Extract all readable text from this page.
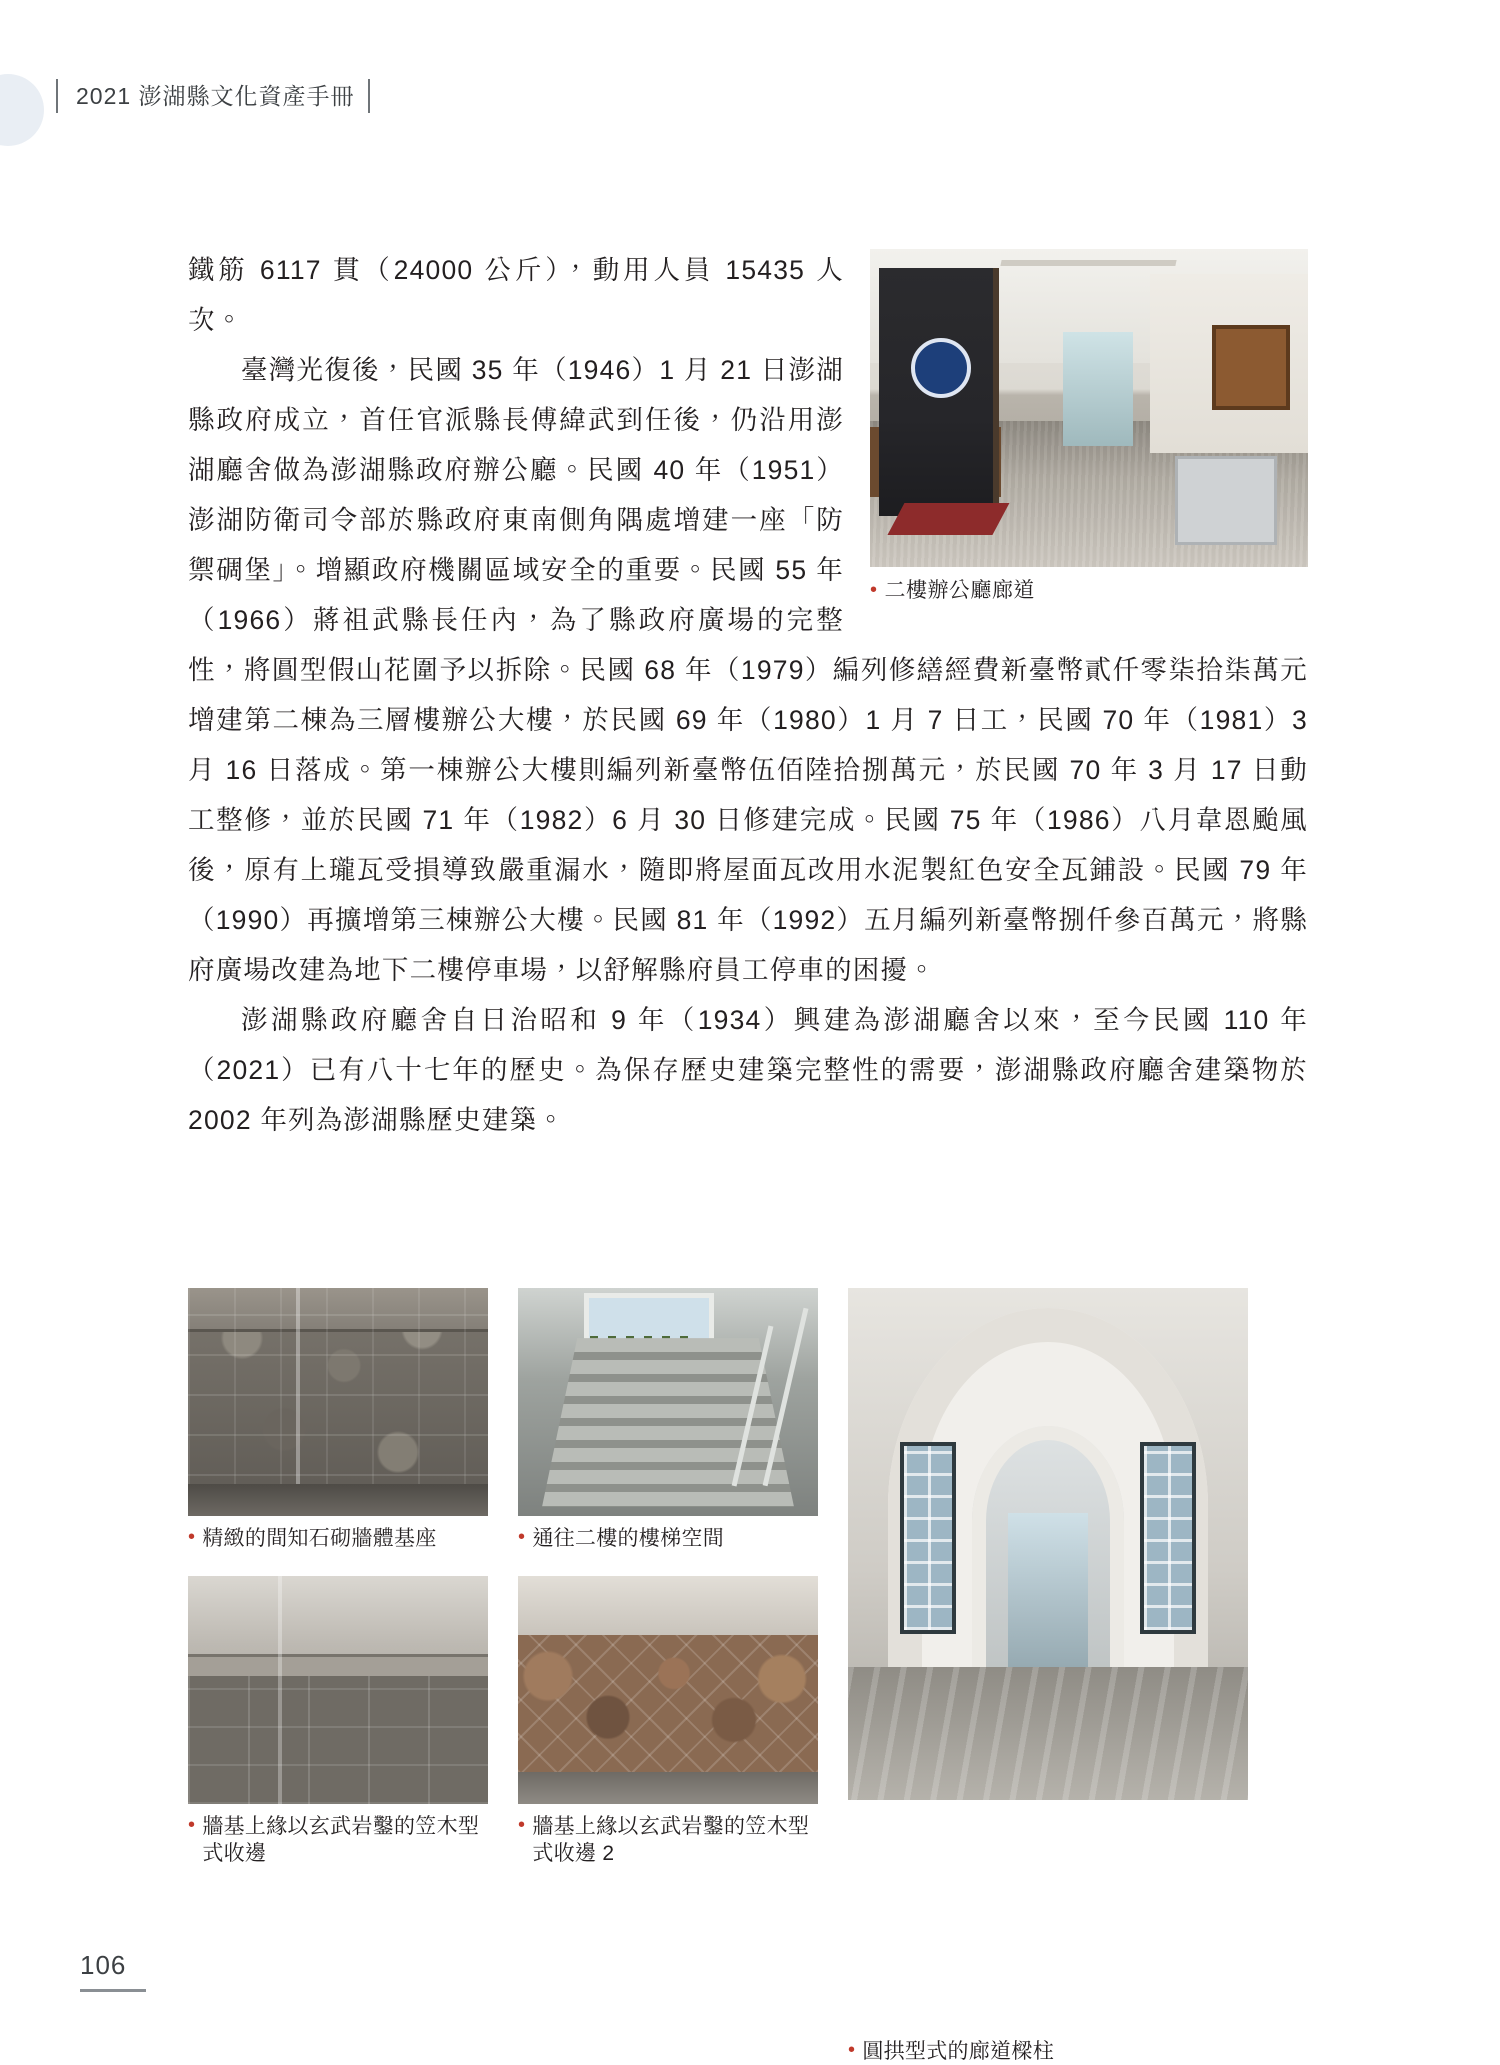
2021 澎湖縣文化資產手冊
• 二樓辦公廳廊道

鐵筋 6117 貫（24000 公斤），動用人員 15435 人次。

臺灣光復後，民國 35 年（1946）1 月 21 日澎湖縣政府成立，首任官派縣長傅緯武到任後，仍沿用澎湖廳舍做為澎湖縣政府辦公廳。民國 40 年（1951）澎湖防衛司令部於縣政府東南側角隅處增建一座「防禦碉堡」。增顯政府機關區域安全的重要。民國 55 年（1966）蔣祖武縣長任內，為了縣政府廣場的完整性，將圓型假山花圍予以拆除。民國 68 年（1979）編列修繕經費新臺幣貳仟零柒拾柒萬元增建第二棟為三層樓辦公大樓，於民國 69 年（1980）1 月 7 日工，民國 70 年（1981）3 月 16 日落成。第一棟辦公大樓則編列新臺幣伍佰陸拾捌萬元，於民國 70 年 3 月 17 日動工整修，並於民國 71 年（1982）6 月 30 日修建完成。民國 75 年（1986）八月韋恩颱風後，原有上瓏瓦受損導致嚴重漏水，隨即將屋面瓦改用水泥製紅色安全瓦鋪設。民國 79 年（1990）再擴增第三棟辦公大樓。民國 81 年（1992）五月編列新臺幣捌仟參百萬元，將縣府廣場改建為地下二樓停車場，以舒解縣府員工停車的困擾。

澎湖縣政府廳舍自日治昭和 9 年（1934）興建為澎湖廳舍以來，至今民國 110 年（2021）已有八十七年的歷史。為保存歷史建築完整性的需要，澎湖縣政府廳舍建築物於 2002 年列為澎湖縣歷史建築。

• 精緻的間知石砌牆體基座
• 牆基上緣以玄武岩鑿的笠木型式收邊
• 通往二樓的樓梯空間
• 牆基上緣以玄武岩鑿的笠木型式收邊 2
• 圓拱型式的廊道樑柱
106
